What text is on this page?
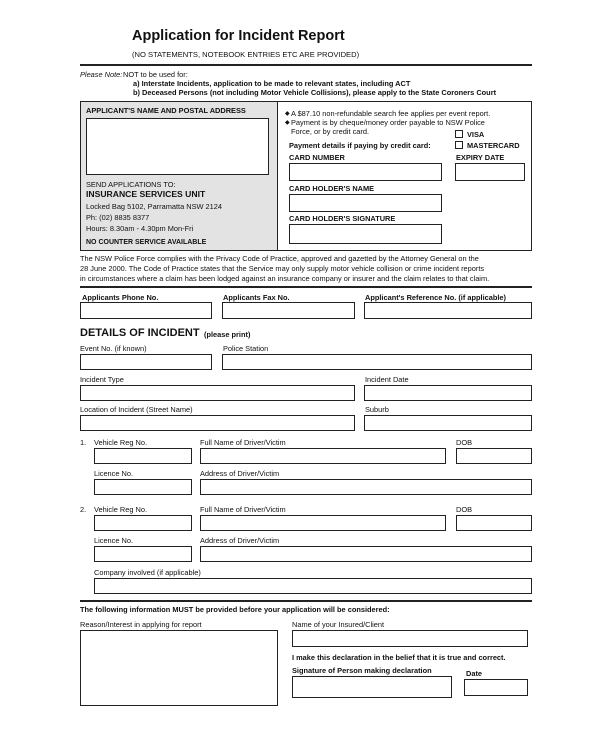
Application for Incident Report
(NO STATEMENTS, NOTEBOOK ENTRIES ETC ARE PROVIDED)
Please Note: NOT to be used for:
a) Interstate Incidents, application to be made to relevant states, including ACT
b) Deceased Persons (not including Motor Vehicle Collisions), please apply to the State Coroners Court
APPLICANT'S NAME AND POSTAL ADDRESS
SEND APPLICATIONS TO:
INSURANCE SERVICES UNIT
Locked Bag 5102, Parramatta NSW 2124
Ph: (02) 8835 8377
Hours: 8.30am - 4.30pm Mon-Fri
NO COUNTER SERVICE AVAILABLE
◆ A $87.10 non-refundable search fee applies per event report.
◆ Payment is by cheque/money order payable to NSW Police
Force, or by credit card.	VISA
MASTERCARD
Payment details if paying by credit card:
CARD NUMBER	EXPIRY DATE
CARD HOLDER'S NAME
CARD HOLDER'S SIGNATURE
The NSW Police Force complies with the Privacy Code of Practice, approved and gazetted by the Attorney General on the
28 June 2000. The Code of Practice states that the Service may only supply motor vehicle collision or crime incident reports
in circumstances where a claim has been lodged against an insurance company or insurer and the claim relates to that claim.
Applicants Phone No.	Applicants Fax No.	Applicant's Reference No. (if applicable)
DETAILS OF INCIDENT (please print)
Event No. (if known)	Police Station
Incident Type	Incident Date
Location of Incident (Street Name)	Suburb
1. Vehicle Reg No.	Full Name of Driver/Victim	DOB
Licence No.	Address of Driver/Victim
2. Vehicle Reg No.	Full Name of Driver/Victim	DOB
Licence No.	Address of Driver/Victim
Company involved (if applicable)
The following information MUST be provided before your application will be considered:
Reason/Interest in applying for report	Name of your Insured/Client
I make this declaration in the belief that it is true and correct.
Signature of Person making declaration	Date
